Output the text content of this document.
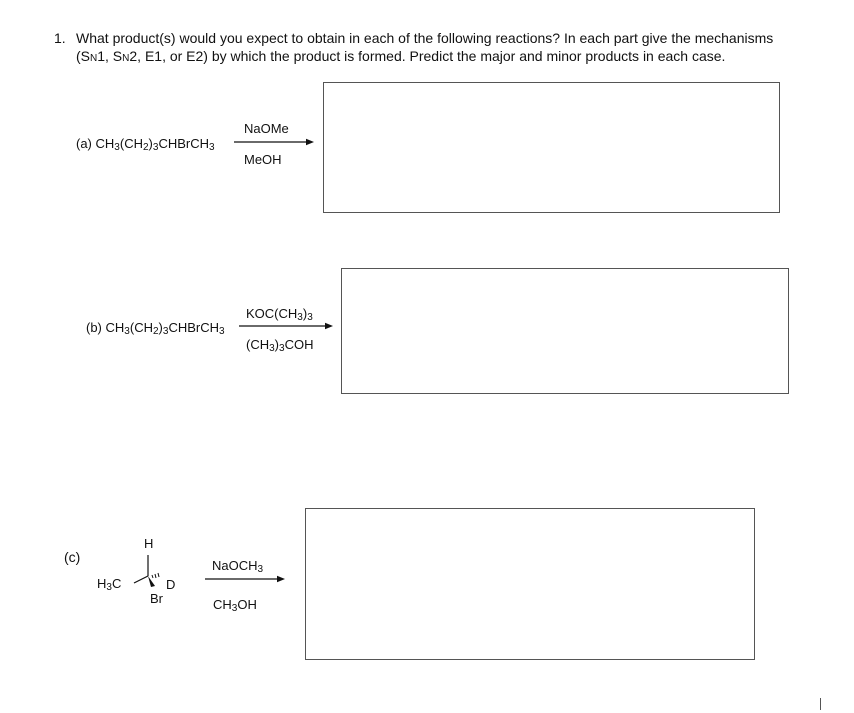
1. What product(s) would you expect to obtain in each of the following reactions? In each part give the mechanisms (SN1, SN2, E1, or E2) by which the product is formed. Predict the major and minor products in each case.
(a) $CH_3(CH_2)_3CHBrCH_3$
NaOMe
MeOH
(b) $CH_3(CH_2)_3CHBrCH_3$
$KOC(CH_3)_3$
$(CH_3)_3COH$
(c)
H
$H_3C$	D
Br
NaOCH$_3$
$CH_3OH$
